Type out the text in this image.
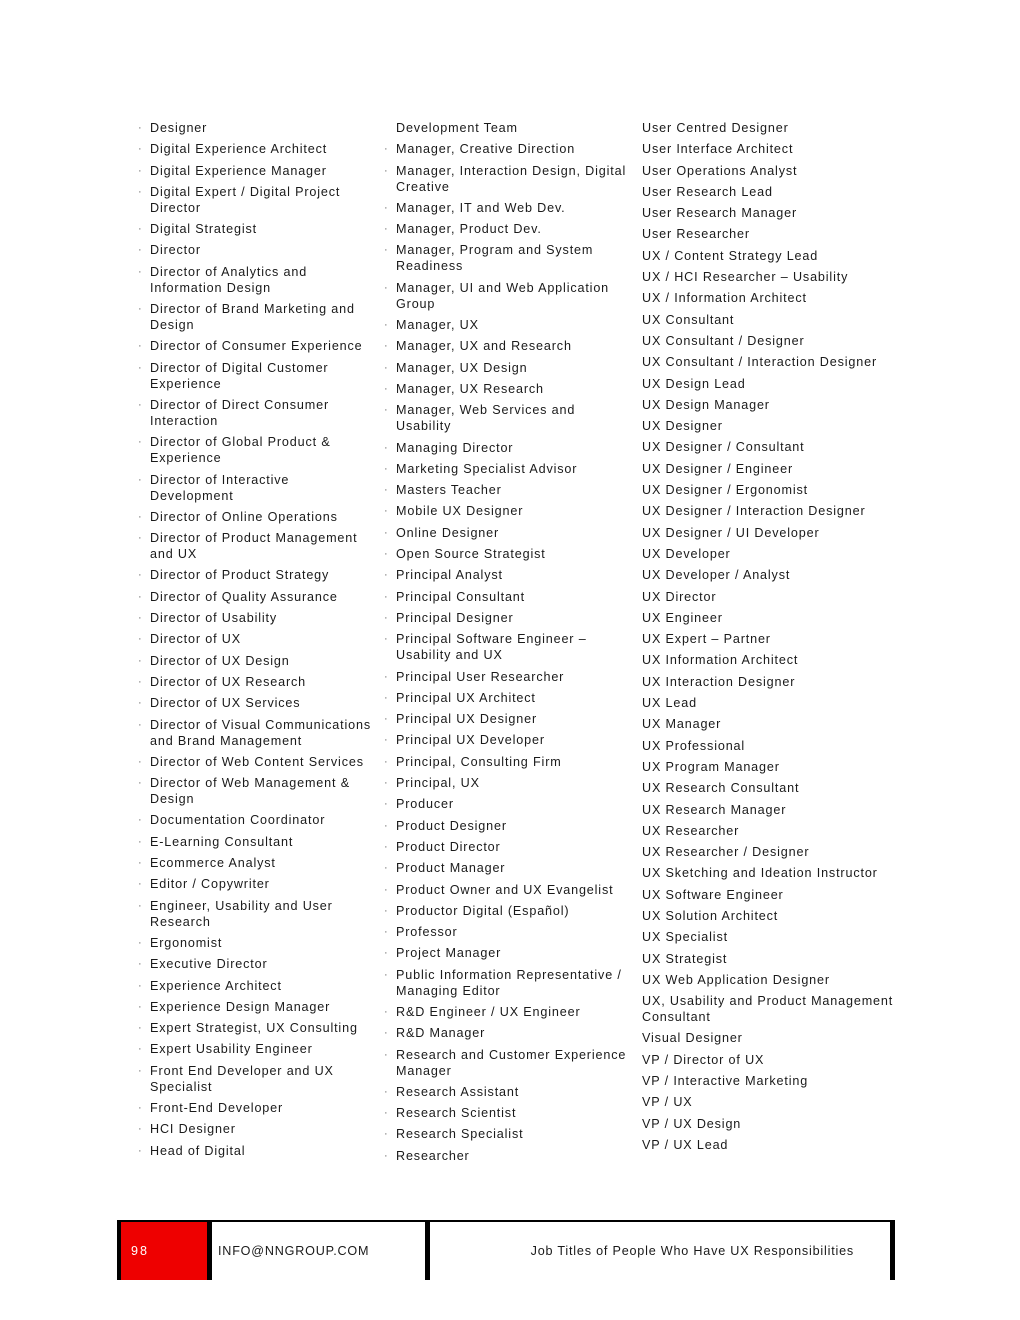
· Designer
· Digital Experience Architect
· Digital Experience Manager
· Digital Expert / Digital Project Director
· Digital Strategist
· Director
· Director of Analytics and Information Design
· Director of Brand Marketing and Design
· Director of Consumer Experience
· Director of Digital Customer Experience
· Director of Direct Consumer Interaction
· Director of Global Product & Experience
· Director of Interactive Development
· Director of Online Operations
· Director of Product Management and UX
· Director of Product Strategy
· Director of Quality Assurance
· Director of Usability
· Director of UX
· Director of UX Design
· Director of UX Research
· Director of UX Services
· Director of Visual Communications and Brand Management
· Director of Web Content Services
· Director of Web Management & Design
· Documentation Coordinator
· E-Learning Consultant
· Ecommerce Analyst
· Editor / Copywriter
· Engineer, Usability and User Research
· Ergonomist
· Executive Director
· Experience Architect
· Experience Design Manager
· Expert Strategist, UX Consulting
· Expert Usability Engineer
· Front End Developer and UX Specialist
· Front-End Developer
· HCI Designer
· Head of Digital
Development Team
· Manager, Creative Direction
· Manager, Interaction Design, Digital Creative
· Manager, IT and Web Dev.
· Manager, Product Dev.
· Manager, Program and System Readiness
· Manager, UI and Web Application Group
· Manager, UX
· Manager, UX and Research
· Manager, UX Design
· Manager, UX Research
· Manager, Web Services and Usability
· Managing Director
· Marketing Specialist Advisor
· Masters Teacher
· Mobile UX Designer
· Online Designer
· Open Source Strategist
· Principal Analyst
· Principal Consultant
· Principal Designer
· Principal Software Engineer – Usability and UX
· Principal User Researcher
· Principal UX Architect
· Principal UX Designer
· Principal UX Developer
· Principal, Consulting Firm
· Principal, UX
· Producer
· Product Designer
· Product Director
· Product Manager
· Product Owner and UX Evangelist
· Productor Digital (Español)
· Professor
· Project Manager
· Public Information Representative / Managing Editor
· R&D Engineer / UX Engineer
· R&D Manager
· Research and Customer Experience Manager
· Research Assistant
· Research Scientist
· Research Specialist
· Researcher
User Centred Designer
User Interface Architect
User Operations Analyst
User Research Lead
User Research Manager
User Researcher
UX / Content Strategy Lead
UX / HCI Researcher – Usability
UX / Information Architect
UX Consultant
UX Consultant / Designer
UX Consultant / Interaction Designer
UX Design Lead
UX Design Manager
UX Designer
UX Designer / Consultant
UX Designer / Engineer
UX Designer / Ergonomist
UX Designer / Interaction Designer
UX Designer / UI Developer
UX Developer
UX Developer / Analyst
UX Director
UX Engineer
UX Expert – Partner
UX Information Architect
UX Interaction Designer
UX Lead
UX Manager
UX Professional
UX Program Manager
UX Research Consultant
UX Research Manager
UX Researcher
UX Researcher / Designer
UX Sketching and Ideation Instructor
UX Software Engineer
UX Solution Architect
UX Specialist
UX Strategist
UX Web Application Designer
UX, Usability and Product Management Consultant
Visual Designer
VP / Director of UX
VP / Interactive Marketing
VP / UX
VP / UX Design
VP / UX Lead
98	INFO@NNGROUP.COM	Job Titles of People Who Have UX Responsibilities
